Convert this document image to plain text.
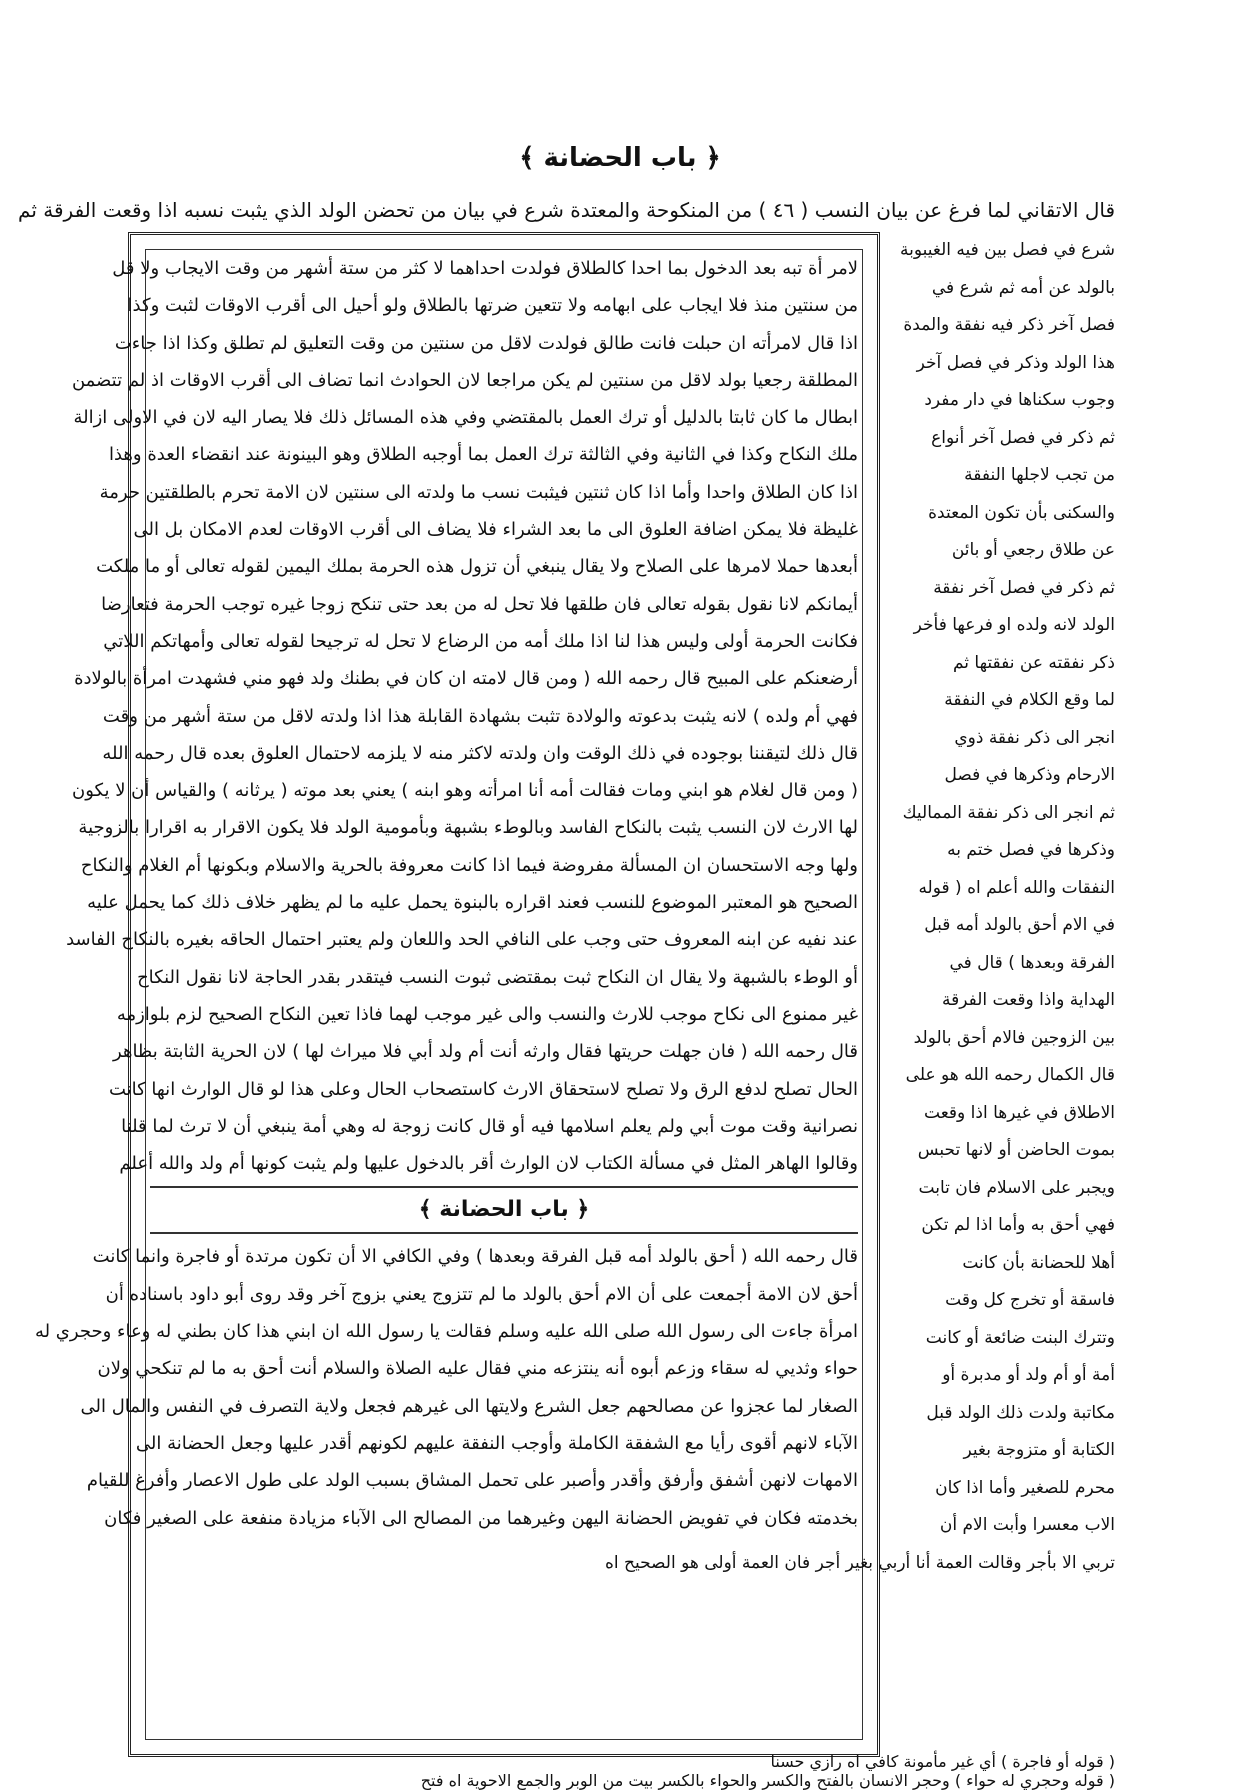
﴿ باب الحضانة ﴾
قال الاتقاني لما فرغ عن بيان النسب ( ٤٦ ) من المنكوحة والمعتدة شرع في بيان من تحضن الولد الذي يثبت نسبه اذا وقعت الفرقة ثم
لامر أة تبه بعد الدخول بما احدا كالطلاق فولدت احداهما لا كثر من ستة أشهر من وقت الايجاب ولا قل
من سنتين منذ فلا ايجاب على ابهامه ولا تتعين ضرتها بالطلاق ولو أحيل الى أقرب الاوقات لثبت وكذا
اذا قال لامرأته ان حبلت فانت طالق فولدت لاقل من سنتين من وقت التعليق لم تطلق وكذا اذا جاءت
المطلقة رجعيا بولد لاقل من سنتين لم يكن مراجعا لان الحوادث انما تضاف الى أقرب الاوقات اذ لم تتضمن
ابطال ما كان ثابتا بالدليل أو ترك العمل بالمقتضي وفي هذه المسائل ذلك فلا يصار اليه لان في الاولى ازالة
ملك النكاح وكذا في الثانية وفي الثالثة ترك العمل بما أوجبه الطلاق وهو البينونة عند انقضاء العدة وهذا
اذا كان الطلاق واحدا وأما اذا كان ثنتين فيثبت نسب ما ولدته الى سنتين لان الامة تحرم بالطلقتين حرمة
غليظة فلا يمكن اضافة العلوق الى ما بعد الشراء فلا يضاف الى أقرب الاوقات لعدم الامكان بل الى
أبعدها حملا لامرها على الصلاح ولا يقال ينبغي أن تزول هذه الحرمة بملك اليمين لقوله تعالى أو ما ملكت
أيمانكم لانا نقول بقوله تعالى فان طلقها فلا تحل له من بعد حتى تنكح زوجا غيره توجب الحرمة فتعارضا
فكانت الحرمة أولى وليس هذا لنا اذا ملك أمه من الرضاع لا تحل له ترجيحا لقوله تعالى وأمهاتكم اللاتي
أرضعنكم على المبيح قال رحمه الله ( ومن قال لامته ان كان في بطنك ولد فهو مني فشهدت امرأة بالولادة
فهي أم ولده ) لانه يثبت بدعوته والولادة تثبت بشهادة القابلة هذا اذا ولدته لاقل من ستة أشهر من وقت
قال ذلك لتيقننا بوجوده في ذلك الوقت وان ولدته لاكثر منه لا يلزمه لاحتمال العلوق بعده قال رحمه الله
( ومن قال لغلام هو ابني ومات فقالت أمه أنا امرأته وهو ابنه ) يعني بعد موته ( يرثانه ) والقياس أن لا يكون
لها الارث لان النسب يثبت بالنكاح الفاسد وبالوطء بشبهة وبأمومية الولد فلا يكون الاقرار به اقرارا بالزوجية
ولها وجه الاستحسان ان المسألة مفروضة فيما اذا كانت معروفة بالحرية والاسلام وبكونها أم الغلام والنكاح
الصحيح هو المعتبر الموضوع للنسب فعند اقراره بالبنوة يحمل عليه ما لم يظهر خلاف ذلك كما يحمل عليه
عند نفيه عن ابنه المعروف حتى وجب على النافي الحد واللعان ولم يعتبر احتمال الحاقه بغيره بالنكاح الفاسد
أو الوطء بالشبهة ولا يقال ان النكاح ثبت بمقتضى ثبوت النسب فيتقدر بقدر الحاجة لانا نقول النكاح
غير ممنوع الى نكاح موجب للارث والنسب والى غير موجب لهما فاذا تعين النكاح الصحيح لزم بلوازمه
قال رحمه الله ( فان جهلت حريتها فقال وارثه أنت أم ولد أبي فلا ميراث لها ) لان الحرية الثابتة بظاهر
الحال تصلح لدفع الرق ولا تصلح لاستحقاق الارث كاستصحاب الحال وعلى هذا لو قال الوارث انها كانت
نصرانية وقت موت أبي ولم يعلم اسلامها فيه أو قال كانت زوجة له وهي أمة ينبغي أن لا ترث لما قلنا
وقالوا الهاهر المثل في مسألة الكتاب لان الوارث أقر بالدخول عليها ولم يثبت كونها أم ولد والله أعلم
﴿ باب الحضانة ﴾
قال رحمه الله ( أحق بالولد أمه قبل الفرقة وبعدها ) وفي الكافي الا أن تكون مرتدة أو فاجرة وانما كانت
أحق لان الامة أجمعت على أن الام أحق بالولد ما لم تتزوج يعني بزوج آخر وقد روى أبو داود باسناده أن
امرأة جاءت الى رسول الله صلى الله عليه وسلم فقالت يا رسول الله ان ابني هذا كان بطني له وعاء وحجري له
حواء وثديي له سقاء وزعم أبوه أنه ينتزعه مني فقال عليه الصلاة والسلام أنت أحق به ما لم تنكحي ولان
الصغار لما عجزوا عن مصالحهم جعل الشرع ولايتها الى غيرهم فجعل ولاية التصرف في النفس والمال الى
الآباء لانهم أقوى رأيا مع الشفقة الكاملة وأوجب النفقة عليهم لكونهم أقدر عليها وجعل الحضانة الى
الامهات لانهن أشفق وأرفق وأقدر وأصبر على تحمل المشاق بسبب الولد على طول الاعصار وأفرغ للقيام
بخدمته فكان في تفويض الحضانة اليهن وغيرهما من المصالح الى الآباء مزيادة منفعة على الصغير فكان
شرع في فصل بين فيه الغيبوبة
بالولد عن أمه ثم شرع في
فصل آخر ذكر فيه نفقة والمدة
هذا الولد وذكر في فصل آخر
وجوب سكناها في دار مفرد
ثم ذكر في فصل آخر أنواع
من تجب لاجلها النفقة
والسكنى بأن تكون المعتدة
عن طلاق رجعي أو بائن
ثم ذكر في فصل آخر نفقة
الولد لانه ولده او فرعها فأخر
ذكر نفقته عن نفقتها ثم
لما وقع الكلام في النفقة
انجر الى ذكر نفقة ذوي
الارحام وذكرها في فصل
ثم انجر الى ذكر نفقة المماليك
وذكرها في فصل ختم به
النفقات والله أعلم اه ( قوله
في الام أحق بالولد أمه قبل
الفرقة وبعدها ) قال في
الهداية واذا وقعت الفرقة
بين الزوجين فالام أحق بالولد
قال الكمال رحمه الله هو على
الاطلاق في غيرها اذا وقعت
بموت الحاضن أو لانها تحبس
ويجبر على الاسلام فان تابت
فهي أحق به وأما اذا لم تكن
أهلا للحضانة بأن كانت
فاسقة أو تخرج كل وقت
وتترك البنت ضائعة أو كانت
أمة أو أم ولد أو مدبرة أو
مكاتبة ولدت ذلك الولد قبل
الكتابة أو متزوجة بغير
محرم للصغير وأما اذا كان
الاب معسرا وأبت الام أن
تربي الا بأجر وقالت العمة أنا أربي بغير أجر فان العمة أولى هو الصحيح اه
( قوله أو فاجرة ) أي غير مأمونة كافي اه رازي حسنا
( قوله وحجري له حواء ) وحجر الانسان بالفتح والكسر والحواء بالكسر بيت من الوبر والجمع الاحوية اه فتح
